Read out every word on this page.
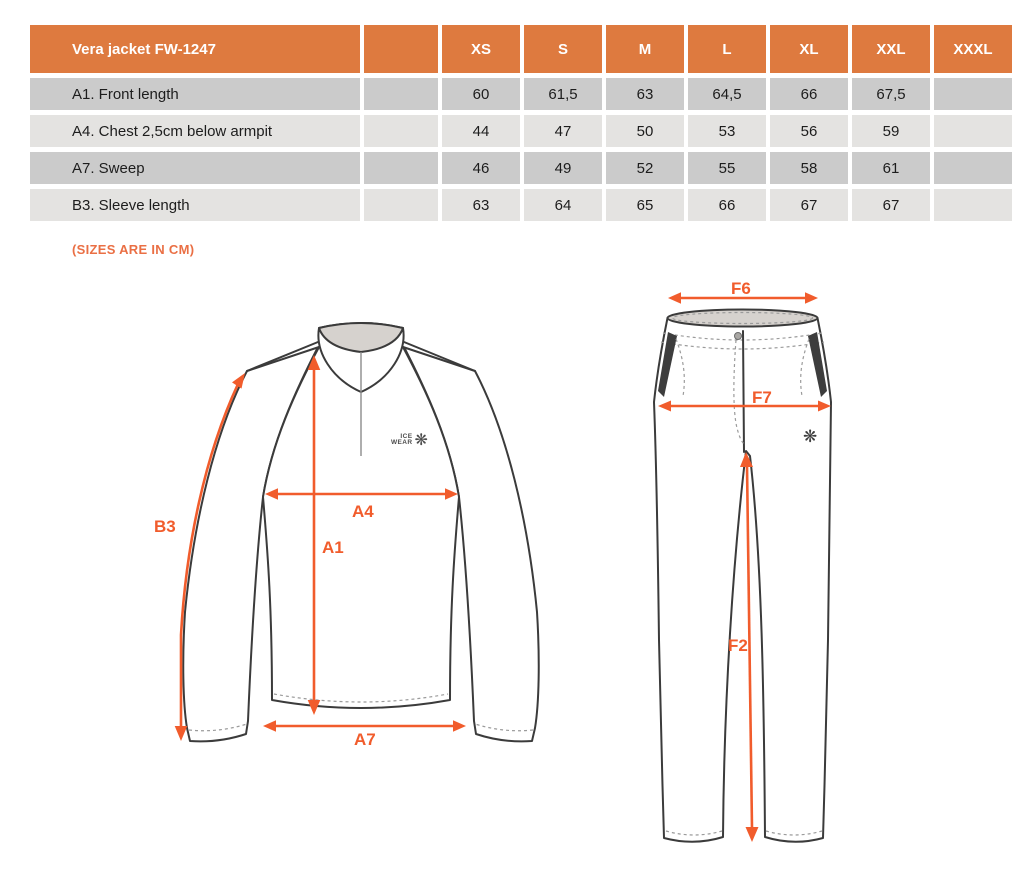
Vera jacket FW-1247	XS	S	M	L	XL	XXL	XXXL
A1. Front length	60	61,5	63	64,5	66	67,5
A4. Chest 2,5cm below armpit	44	47	50	53	56	59
A7. Sweep	46	49	52	55	58	61
B3. Sleeve length	63	64	65	66	67	67
(SIZES ARE IN CM)
B3
A1
A4
A7
F6
F7
F2
ICE
WEAR ❋	❋
